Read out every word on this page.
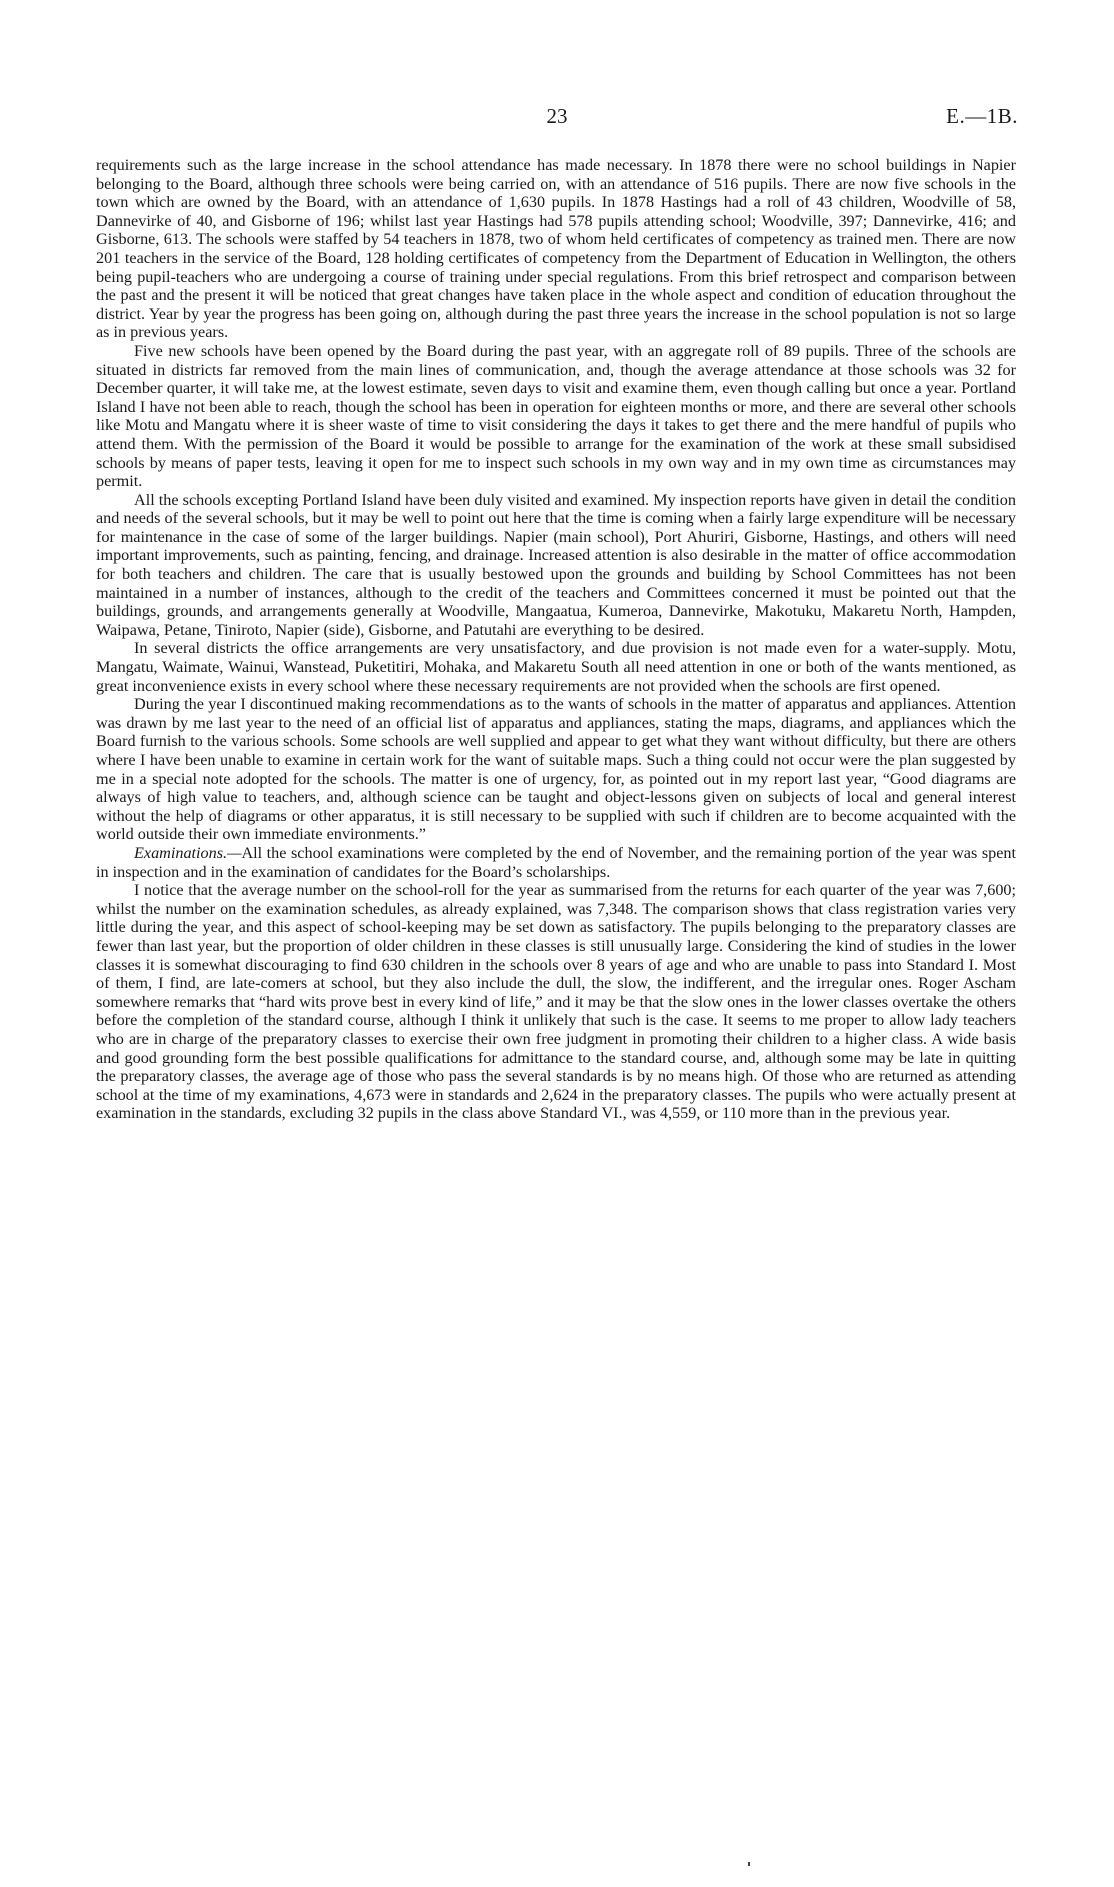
23	E.—1B.

requirements such as the large increase in the school attendance has made necessary. In 1878 there were no school buildings in Napier belonging to the Board, although three schools were being carried on, with an attendance of 516 pupils. There are now five schools in the town which are owned by the Board, with an attendance of 1,630 pupils. In 1878 Hastings had a roll of 43 children, Woodville of 58, Dannevirke of 40, and Gisborne of 196; whilst last year Hastings had 578 pupils attending school; Woodville, 397; Dannevirke, 416; and Gisborne, 613. The schools were staffed by 54 teachers in 1878, two of whom held certificates of competency as trained men. There are now 201 teachers in the service of the Board, 128 holding certificates of competency from the Department of Education in Wellington, the others being pupil-teachers who are undergoing a course of training under special regulations. From this brief retrospect and comparison between the past and the present it will be noticed that great changes have taken place in the whole aspect and condition of education throughout the district. Year by year the progress has been going on, although during the past three years the increase in the school population is not so large as in previous years.

Five new schools have been opened by the Board during the past year, with an aggregate roll of 89 pupils. Three of the schools are situated in districts far removed from the main lines of communication, and, though the average attendance at those schools was 32 for December quarter, it will take me, at the lowest estimate, seven days to visit and examine them, even though calling but once a year. Portland Island I have not been able to reach, though the school has been in operation for eighteen months or more, and there are several other schools like Motu and Mangatu where it is sheer waste of time to visit considering the days it takes to get there and the mere handful of pupils who attend them. With the permission of the Board it would be possible to arrange for the examination of the work at these small subsidised schools by means of paper tests, leaving it open for me to inspect such schools in my own way and in my own time as circumstances may permit.

All the schools excepting Portland Island have been duly visited and examined. My inspection reports have given in detail the condition and needs of the several schools, but it may be well to point out here that the time is coming when a fairly large expenditure will be necessary for maintenance in the case of some of the larger buildings. Napier (main school), Port Ahuriri, Gisborne, Hastings, and others will need important improvements, such as painting, fencing, and drainage. Increased attention is also desirable in the matter of office accommodation for both teachers and children. The care that is usually bestowed upon the grounds and building by School Committees has not been maintained in a number of instances, although to the credit of the teachers and Committees concerned it must be pointed out that the buildings, grounds, and arrangements generally at Woodville, Mangaatua, Kumeroa, Dannevirke, Makotuku, Makaretu North, Hampden, Waipawa, Petane, Tiniroto, Napier (side), Gisborne, and Patutahi are everything to be desired.

In several districts the office arrangements are very unsatisfactory, and due provision is not made even for a water-supply. Motu, Mangatu, Waimate, Wainui, Wanstead, Puketitiri, Mohaka, and Makaretu South all need attention in one or both of the wants mentioned, as great inconvenience exists in every school where these necessary requirements are not provided when the schools are first opened.

During the year I discontinued making recommendations as to the wants of schools in the matter of apparatus and appliances. Attention was drawn by me last year to the need of an official list of apparatus and appliances, stating the maps, diagrams, and appliances which the Board furnish to the various schools. Some schools are well supplied and appear to get what they want without difficulty, but there are others where I have been unable to examine in certain work for the want of suitable maps. Such a thing could not occur were the plan suggested by me in a special note adopted for the schools. The matter is one of urgency, for, as pointed out in my report last year, “Good diagrams are always of high value to teachers, and, although science can be taught and object-lessons given on subjects of local and general interest without the help of diagrams or other apparatus, it is still necessary to be supplied with such if children are to become acquainted with the world outside their own immediate environments.”

Examinations.—All the school examinations were completed by the end of November, and the remaining portion of the year was spent in inspection and in the examination of candidates for the Board’s scholarships.

I notice that the average number on the school-roll for the year as summarised from the returns for each quarter of the year was 7,600; whilst the number on the examination schedules, as already explained, was 7,348. The comparison shows that class registration varies very little during the year, and this aspect of school-keeping may be set down as satisfactory. The pupils belonging to the preparatory classes are fewer than last year, but the proportion of older children in these classes is still unusually large. Considering the kind of studies in the lower classes it is somewhat discouraging to find 630 children in the schools over 8 years of age and who are unable to pass into Standard I. Most of them, I find, are late-comers at school, but they also include the dull, the slow, the indifferent, and the irregular ones. Roger Ascham somewhere remarks that “hard wits prove best in every kind of life,” and it may be that the slow ones in the lower classes overtake the others before the completion of the standard course, although I think it unlikely that such is the case. It seems to me proper to allow lady teachers who are in charge of the preparatory classes to exercise their own free judgment in promoting their children to a higher class. A wide basis and good grounding form the best possible qualifications for admittance to the standard course, and, although some may be late in quitting the preparatory classes, the average age of those who pass the several standards is by no means high. Of those who are returned as attending school at the time of my examinations, 4,673 were in standards and 2,624 in the preparatory classes. The pupils who were actually present at examination in the standards, excluding 32 pupils in the class above Standard VI., was 4,559, or 110 more than in the previous year.
